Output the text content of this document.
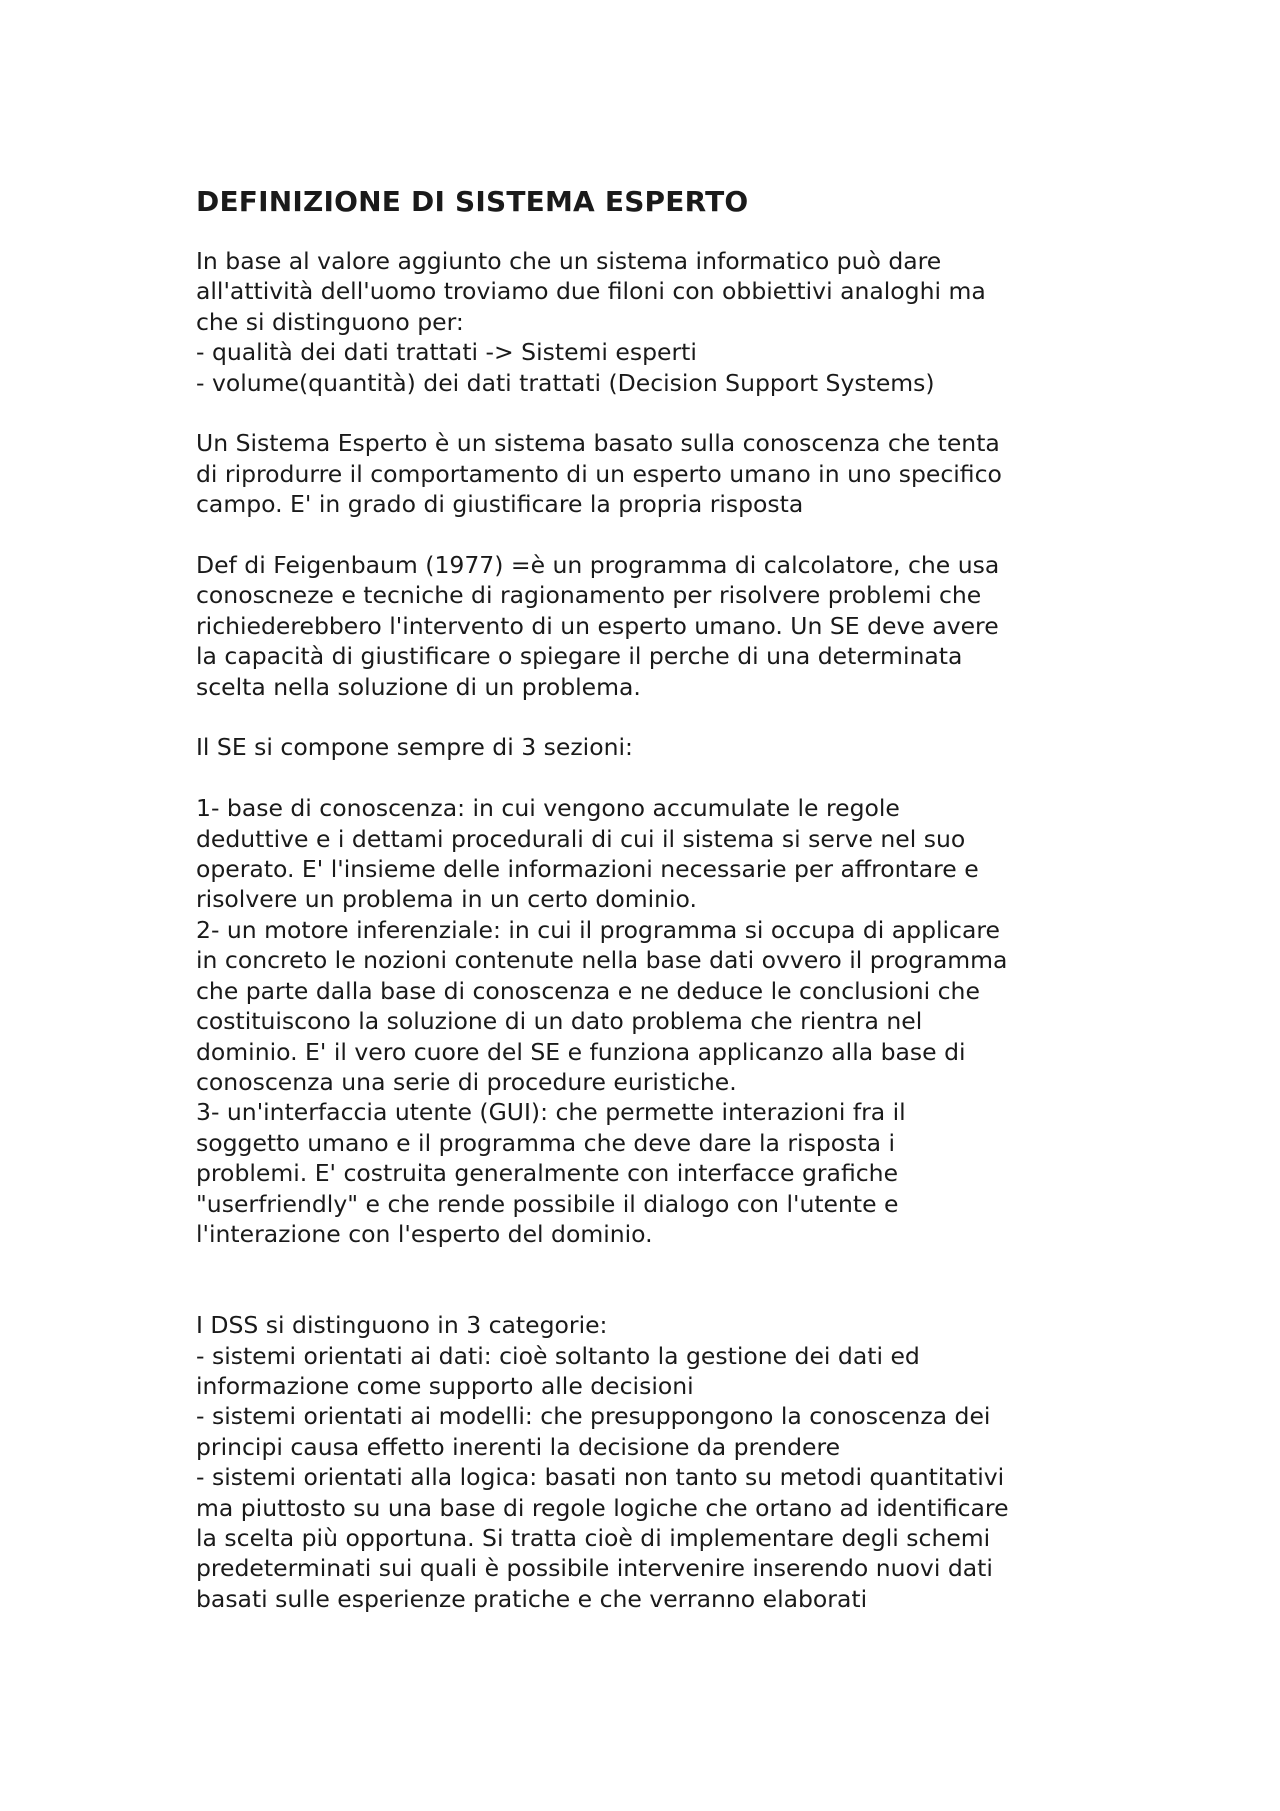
DEFINIZIONE DI SISTEMA ESPERTO

In base al valore aggiunto che un sistema informatico può dare

all'attività dell'uomo troviamo due filoni con obbiettivi analoghi ma

che si distinguono per:

- qualità dei dati trattati -> Sistemi esperti

- volume(quantità) dei dati trattati (Decision Support Systems)

Un Sistema Esperto è un sistema basato sulla conoscenza che tenta

di riprodurre il comportamento di un esperto umano in uno specifico

campo. E' in grado di giustificare la propria risposta

Def di Feigenbaum (1977) =è un programma di calcolatore, che usa

conoscneze e tecniche di ragionamento per risolvere problemi che

richiederebbero l'intervento di un esperto umano. Un SE deve avere

la capacità di giustificare o spiegare il perche di una determinata

scelta nella soluzione di un problema.

Il SE si compone sempre di 3 sezioni:

1- base di conoscenza: in cui vengono accumulate le regole

deduttive e i dettami procedurali di cui il sistema si serve nel suo

operato. E' l'insieme delle informazioni necessarie per affrontare e

risolvere un problema in un certo dominio.

2- un motore inferenziale: in cui il programma si occupa di applicare

in concreto le nozioni contenute nella base dati ovvero il programma

che parte dalla base di conoscenza e ne deduce le conclusioni che

costituiscono la soluzione di un dato problema che rientra nel

dominio. E' il vero cuore del SE e funziona applicanzo alla base di

conoscenza una serie di procedure euristiche.

3- un'interfaccia utente (GUI): che permette interazioni fra il

soggetto umano e il programma che deve dare la risposta i

problemi. E' costruita generalmente con interfacce grafiche

"userfriendly" e che rende possibile il dialogo con l'utente e

l'interazione con l'esperto del dominio.

I DSS si distinguono in 3 categorie:

- sistemi orientati ai dati: cioè soltanto la gestione dei dati ed

informazione come supporto alle decisioni

- sistemi orientati ai modelli: che presuppongono la conoscenza dei

principi causa effetto inerenti la decisione da prendere

- sistemi orientati alla logica: basati non tanto su metodi quantitativi

ma piuttosto su una base di regole logiche che ortano ad identificare

la scelta più opportuna. Si tratta cioè di implementare degli schemi

predeterminati sui quali è possibile intervenire inserendo nuovi dati

basati sulle esperienze pratiche e che verranno elaborati
